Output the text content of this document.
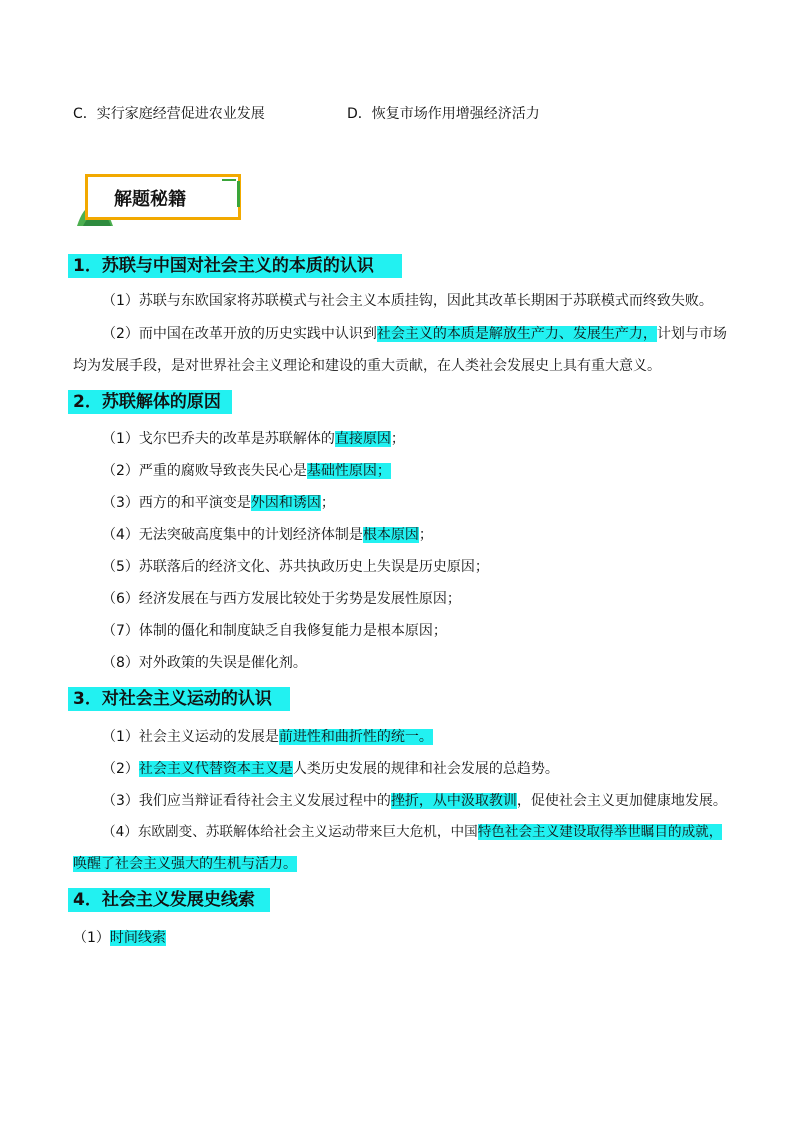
C．实行家庭经营促进农业发展	D．恢复市场作用增强经济活力
解题秘籍
1．苏联与中国对社会主义的本质的认识
（1）苏联与东欧国家将苏联模式与社会主义本质挂钩，因此其改革长期困于苏联模式而终致失败。
（2）而中国在改革开放的历史实践中认识到社会主义的本质是解放生产力、发展生产力，计划与市场
均为发展手段，是对世界社会主义理论和建设的重大贡献，在人类社会发展史上具有重大意义。
2．苏联解体的原因
（1）戈尔巴乔夫的改革是苏联解体的直接原因；
（2）严重的腐败导致丧失民心是基础性原因；
（3）西方的和平演变是外因和诱因；
（4）无法突破高度集中的计划经济体制是根本原因；
（5）苏联落后的经济文化、苏共执政历史上失误是历史原因；
（6）经济发展在与西方发展比较处于劣势是发展性原因；
（7）体制的僵化和制度缺乏自我修复能力是根本原因；
（8）对外政策的失误是催化剂。
3．对社会主义运动的认识
（1）社会主义运动的发展是前进性和曲折性的统一。
（2）社会主义代替资本主义是人类历史发展的规律和社会发展的总趋势。
（3）我们应当辩证看待社会主义发展过程中的挫折，从中汲取教训，促使社会主义更加健康地发展。
（4）东欧剧变、苏联解体给社会主义运动带来巨大危机，中国特色社会主义建设取得举世瞩目的成就，
唤醒了社会主义强大的生机与活力。
4．社会主义发展史线索
（1）时间线索
